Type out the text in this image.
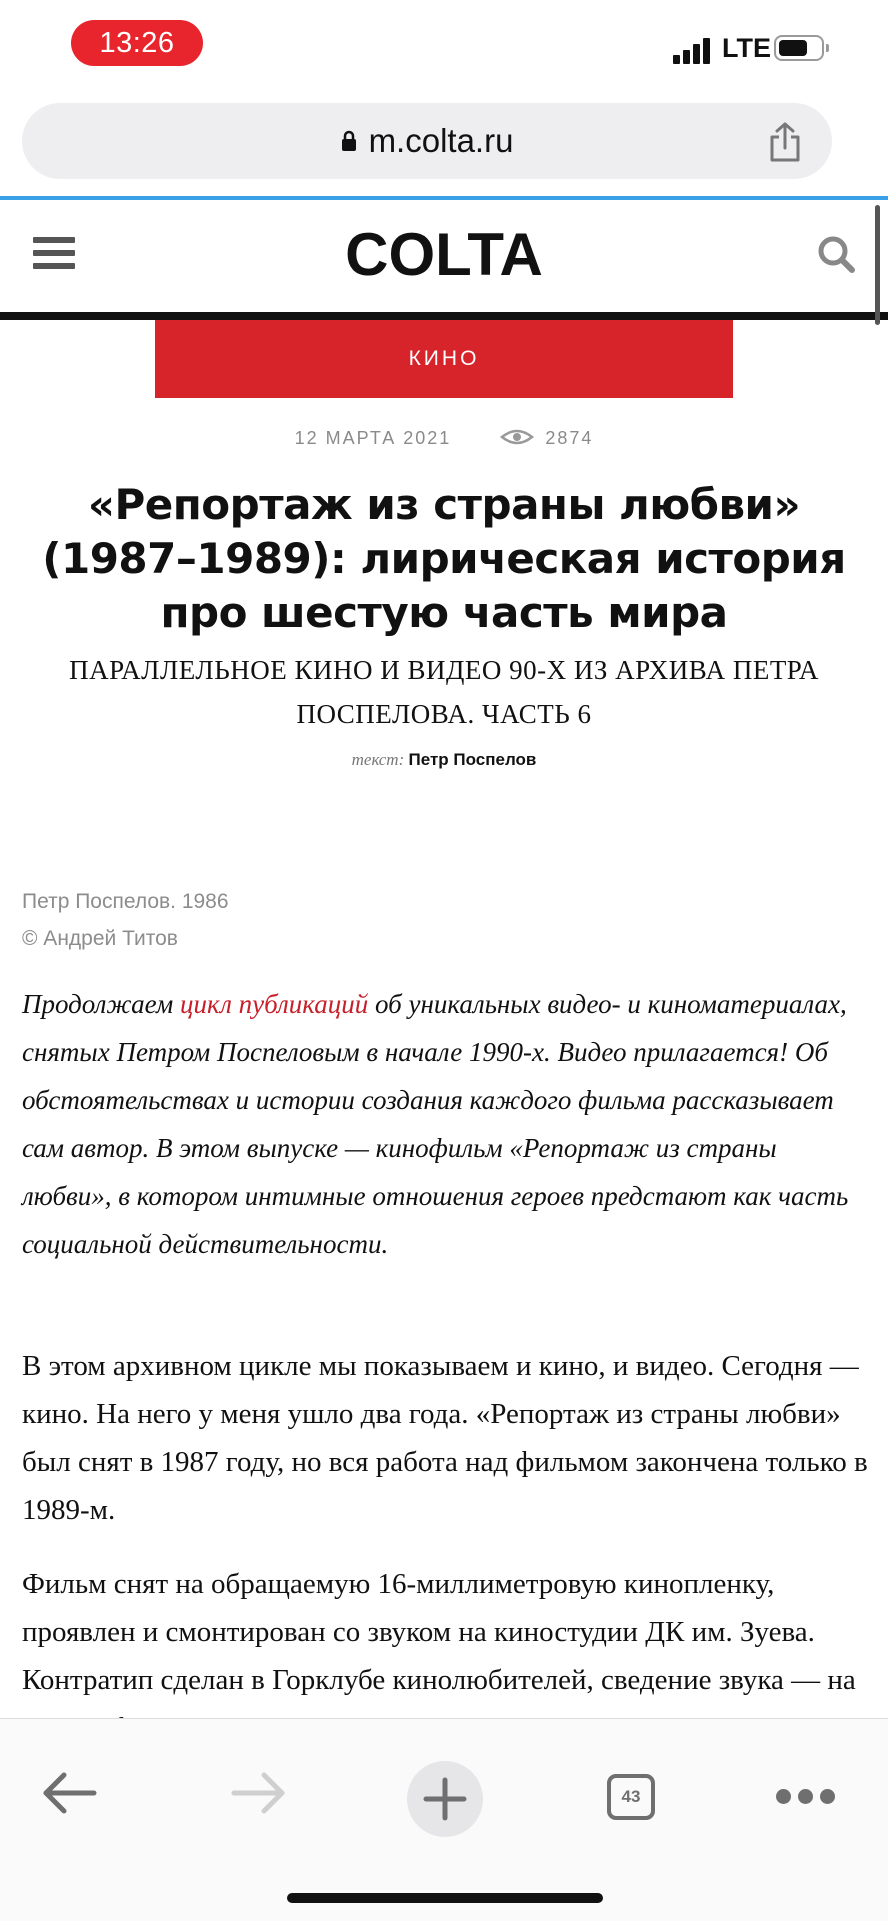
13:26	LTE
m.colta.ru
COLTA
КИНО
12 МАРТА 2021	2874
«Репортаж из страны любви» (1987–1989): лирическая история про шестую часть мира

ПАРАЛЛЕЛЬНОЕ КИНО И ВИДЕО 90-Х ИЗ АРХИВА ПЕТРА ПОСПЕЛОВА. ЧАСТЬ 6

текст: Петр Поспелов
Петр Поспелов. 1986
© Андрей Титов

Продолжаем цикл публикаций об уникальных видео- и киноматериалах, снятых Петром Поспеловым в начале 1990-х. Видео прилагается! Об обстоятельствах и истории создания каждого фильма рассказывает сам автор. В этом выпуске — кинофильм «Репортаж из страны любви», в котором интимные отношения героев предстают как часть социальной действительности.

В этом архивном цикле мы показываем и кино, и видео. Сегодня — кино. На него у меня ушло два года. «Репортаж из страны любви» был снят в 1987 году, но вся работа над фильмом закончена только в 1989-м.

Фильм снят на обращаемую 16-миллиметровую кинопленку, проявлен и смонтирован со звуком на киностудии ДК им. Зуева. Контратип сделан в Горклубе кинолюбителей, сведение звука — на

43
